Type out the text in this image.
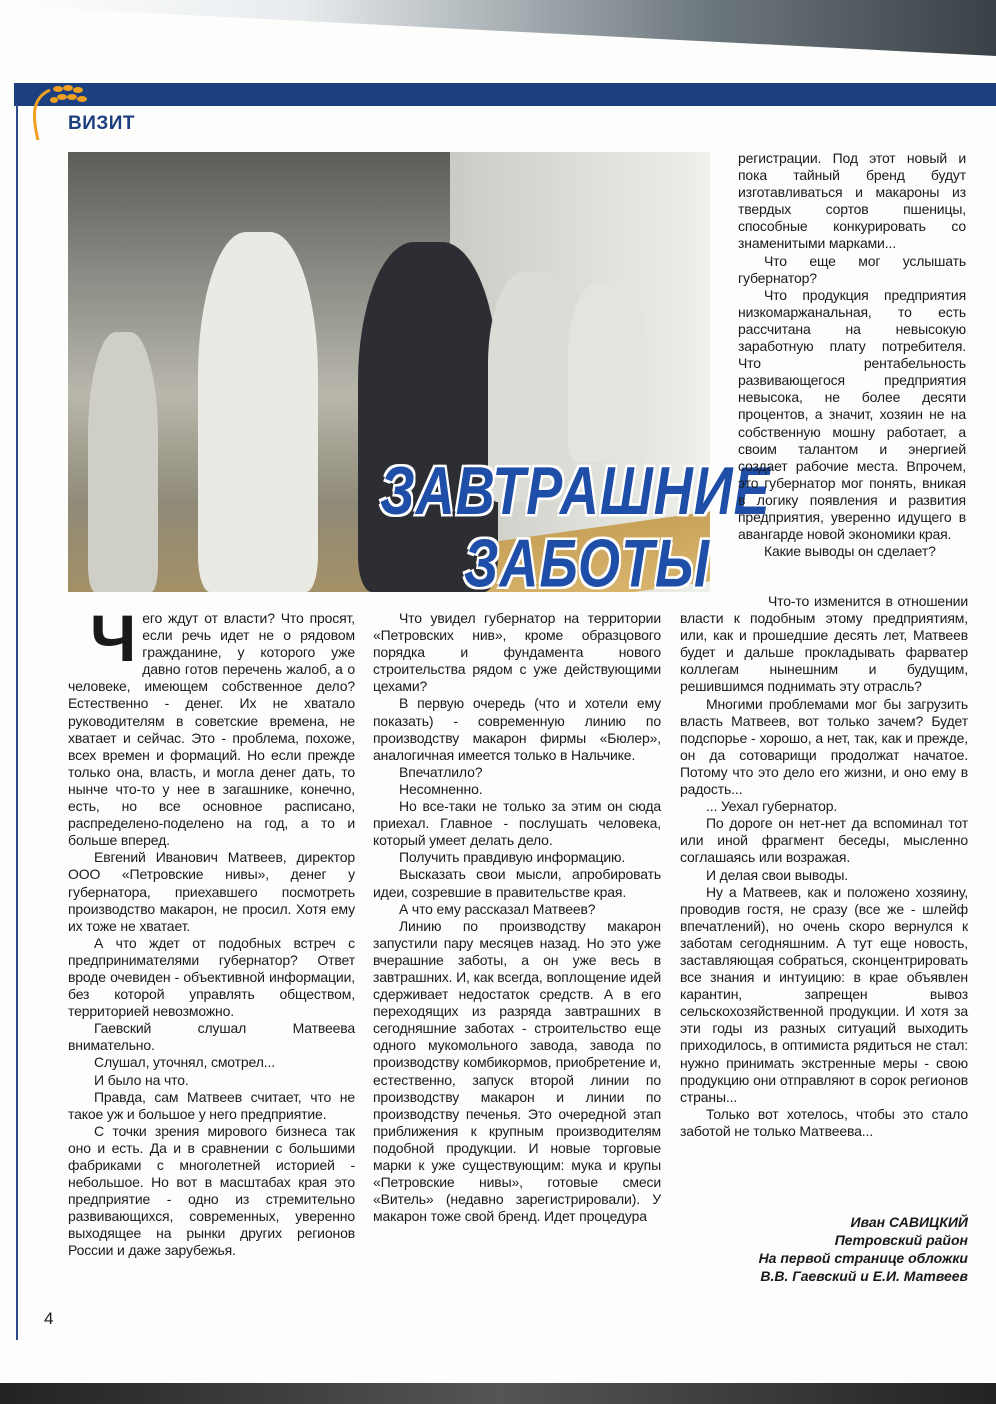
ВИЗИТ
ЗАВТРАШНИЕ
ЗАБОТЫ

регистрации. Под этот новый и пока тайный бренд будут изготавливаться и макароны из твердых сортов пшеницы, способные конкурировать со знаменитыми марками...

Что еще мог услышать губернатор?

Что продукция предприятия низкомаржанальная, то есть рассчитана на невысокую заработную плату потребителя. Что рентабельность развивающегося предприятия невысока, не более десяти процентов, а значит, хозяин не на собственную мошну работает, а своим талантом и энергией создает рабочие места. Впрочем, это губернатор мог понять, вникая в логику появления и развития предприятия, уверенно идущего в авангарде новой экономики края.

Какие выводы он сделает?

Чего ждут от власти? Что просят, если речь идет не о рядовом гражданине, у которого уже давно готов перечень жалоб, а о человеке, имеющем собственное дело? Естественно - денег. Их не хватало руководителям в советские времена, не хватает и сейчас. Это - проблема, похоже, всех времен и формаций. Но если прежде только она, власть, и могла денег дать, то нынче что-то у нее в загашнике, конечно, есть, но все основное расписано, распределено-поделено на год, а то и больше вперед.

Евгений Иванович Матвеев, директор ООО «Петровские нивы», денег у губернатора, приехавшего посмотреть производство макарон, не просил. Хотя ему их тоже не хватает.

А что ждет от подобных встреч с предпринимателями губернатор? Ответ вроде очевиден - объективной информации, без которой управлять обществом, территорией невозможно.

Гаевский слушал Матвеева внимательно.

Слушал, уточнял, смотрел...

И было на что.

Правда, сам Матвеев считает, что не такое уж и большое у него предприятие.

С точки зрения мирового бизнеса так оно и есть. Да и в сравнении с большими фабриками с многолетней историей - небольшое. Но вот в масштабах края это предприятие - одно из стремительно развивающихся, современных, уверенно выходящее на рынки других регионов России и даже зарубежья.

Что увидел губернатор на территории «Петровских нив», кроме образцового порядка и фундамента нового строительства рядом с уже действующими цехами?

В первую очередь (что и хотели ему показать) - современную линию по производству макарон фирмы «Бюлер», аналогичная имеется только в Нальчике.

Впечатлило?

Несомненно.

Но все-таки не только за этим он сюда приехал. Главное - послушать человека, который умеет делать дело.

Получить правдивую информацию.

Высказать свои мысли, апробировать идеи, созревшие в правительстве края.

А что ему рассказал Матвеев?

Линию по производству макарон запустили пару месяцев назад. Но это уже вчерашние заботы, а он уже весь в завтрашних. И, как всегда, воплощение идей сдерживает недостаток средств. А в его переходящих из разряда завтрашних в сегодняшние заботах - строительство еще одного мукомольного завода, завода по производству комбикормов, приобретение и, естественно, запуск второй линии по производству макарон и линии по производству печенья. Это очередной этап приближения к крупным производителям подобной продукции. И новые торговые марки к уже существующим: мука и крупы «Петровские нивы», готовые смеси «Витель» (недавно зарегистрировали). У макарон тоже свой бренд. Идет процедура

Что-то изменится в отношении власти к подобным этому предприятиям, или, как и прошедшие десять лет, Матвеев будет и дальше прокладывать фарватер коллегам нынешним и будущим, решившимся поднимать эту отрасль?

Многими проблемами мог бы загрузить власть Матвеев, вот только зачем? Будет подспорье - хорошо, а нет, так, как и прежде, он да сотоварищи продолжат начатое. Потому что это дело его жизни, и оно ему в радость...

... Уехал губернатор.

По дороге он нет-нет да вспоминал тот или иной фрагмент беседы, мысленно соглашаясь или возражая.

И делая свои выводы.

Ну а Матвеев, как и положено хозяину, проводив гостя, не сразу (все же - шлейф впечатлений), но очень скоро вернулся к заботам сегодняшним. А тут еще новость, заставляющая собраться, сконцентрировать все знания и интуицию: в крае объявлен карантин, запрещен вывоз сельскохозяйственной продукции. И хотя за эти годы из разных ситуаций выходить приходилось, в оптимиста рядиться не стал: нужно принимать экстренные меры - свою продукцию они отправляют в сорок регионов страны...

Только вот хотелось, чтобы это стало заботой не только Матвеева...

Иван САВИЦКИЙ
Петровский район
На первой странице обложки
В.В. Гаевский и Е.И. Матвеев
4
